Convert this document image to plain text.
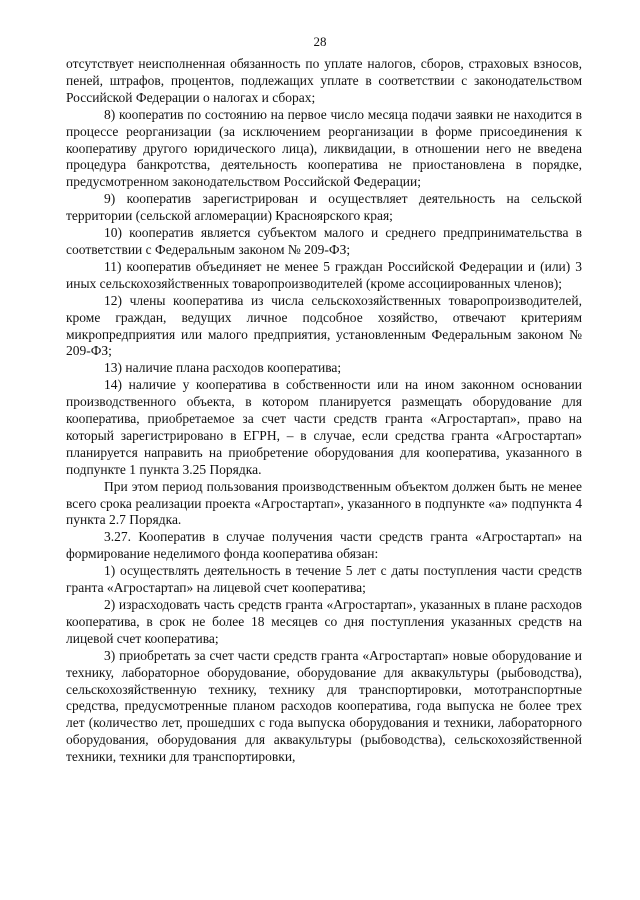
28

отсутствует неисполненная обязанность по уплате налогов, сборов, страховых взносов, пеней, штрафов, процентов, подлежащих уплате в соответствии с законодательством Российской Федерации о налогах и сборах;

8) кооператив по состоянию на первое число месяца подачи заявки не находится в процессе реорганизации (за исключением реорганизации в форме присоединения к кооперативу другого юридического лица), ликвидации, в отношении него не введена процедура банкротства, деятельность кооператива не приостановлена в порядке, предусмотренном законодательством Российской Федерации;

9) кооператив зарегистрирован и осуществляет деятельность на сельской территории (сельской агломерации) Красноярского края;

10) кооператив является субъектом малого и среднего предпринимательства в соответствии с Федеральным законом № 209-ФЗ;

11) кооператив объединяет не менее 5 граждан Российской Федерации и (или) 3 иных сельскохозяйственных товаропроизводителей (кроме ассоциированных членов);

12) члены кооператива из числа сельскохозяйственных товаропроизводителей, кроме граждан, ведущих личное подсобное хозяйство, отвечают критериям микропредприятия или малого предприятия, установленным Федеральным законом № 209-ФЗ;

13) наличие плана расходов кооператива;

14) наличие у кооператива в собственности или на ином законном основании производственного объекта, в котором планируется размещать оборудование для кооператива, приобретаемое за счет части средств гранта «Агростартап», право на который зарегистрировано в ЕГРН, – в случае, если средства гранта «Агростартап» планируется направить на приобретение оборудования для кооператива, указанного в подпункте 1 пункта 3.25 Порядка.

При этом период пользования производственным объектом должен быть не менее всего срока реализации проекта «Агростартап», указанного в подпункте «а» подпункта 4 пункта 2.7 Порядка.

3.27. Кооператив в случае получения части средств гранта «Агростартап» на формирование неделимого фонда кооператива обязан:

1) осуществлять деятельность в течение 5 лет с даты поступления части средств гранта «Агростартап» на лицевой счет кооператива;

2) израсходовать часть средств гранта «Агростартап», указанных в плане расходов кооператива, в срок не более 18 месяцев со дня поступления указанных средств на лицевой счет кооператива;

3) приобретать за счет части средств гранта «Агростартап» новые оборудование и технику, лабораторное оборудование, оборудование для аквакультуры (рыбоводства), сельскохозяйственную технику, технику для транспортировки, мототранспортные средства, предусмотренные планом расходов кооператива, года выпуска не более трех лет (количество лет, прошедших с года выпуска оборудования и техники, лабораторного оборудования, оборудования для аквакультуры (рыбоводства), сельскохозяйственной техники, техники для транспортировки,
